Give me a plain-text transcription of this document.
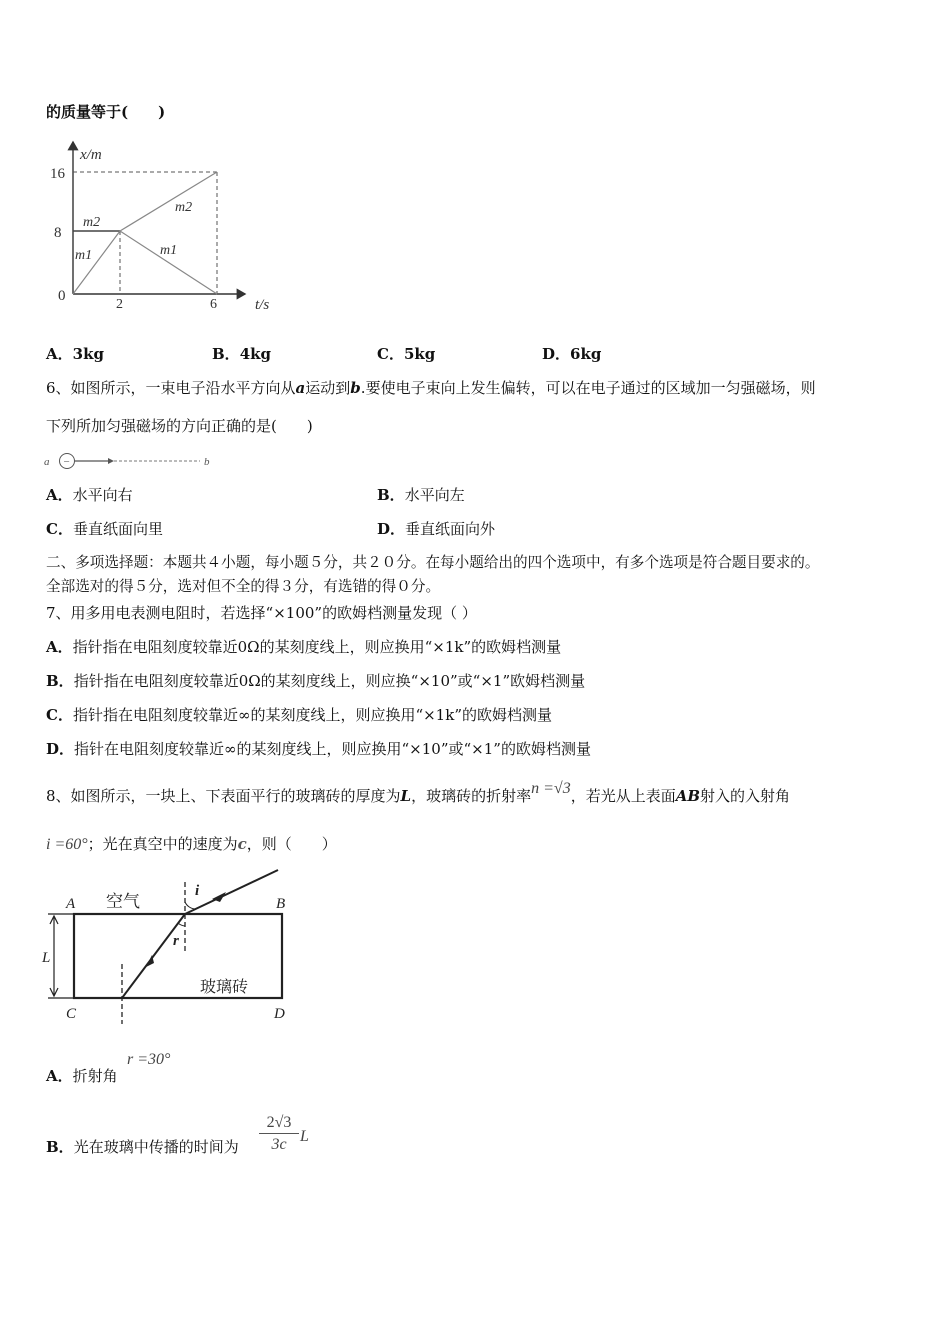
的质量等于(　　)
x/m
16
8
0
2	6	t/s
m2
m1
m2
m1
A．3kg	B．4kg	C．5kg	D．6kg
6、如图所示，一束电子沿水平方向从a运动到b.要使电子束向上发生偏转，可以在电子通过的区域加一匀强磁场，则
下列所加匀强磁场的方向正确的是(　　)
a −	b
A．水平向右	B．水平向左
C．垂直纸面向里	D．垂直纸面向外
二、多项选择题：本题共４小题，每小题５分，共２０分。在每小题给出的四个选项中，有多个选项是符合题目要求的。
全部选对的得５分，选对但不全的得３分，有选错的得０分。
7、用多用电表测电阻时，若选择“×100”的欧姆档测量发现（ ）
A．指针指在电阻刻度较靠近0Ω的某刻度线上，则应换用“×1k”的欧姆档测量
B．指针指在电阻刻度较靠近0Ω的某刻度线上，则应换“×10”或“×1”欧姆档测量
C．指针指在电阻刻度较靠近∞的某刻度线上，则应换用“×1k”的欧姆档测量
D．指针在电阻刻度较靠近∞的某刻度线上，则应换用“×10”或“×1”的欧姆档测量
8、如图所示，一块上、下表面平行的玻璃砖的厚度为L，玻璃砖的折射率n =√3，若光从上表面AB射入的入射角
i =60°；光在真空中的速度为c，则（　　）
A	B
C	D
空气
玻璃砖
i
r
L
A．折射角
r =30°
B．光在玻璃中传播的时间为
2√3
3c L
